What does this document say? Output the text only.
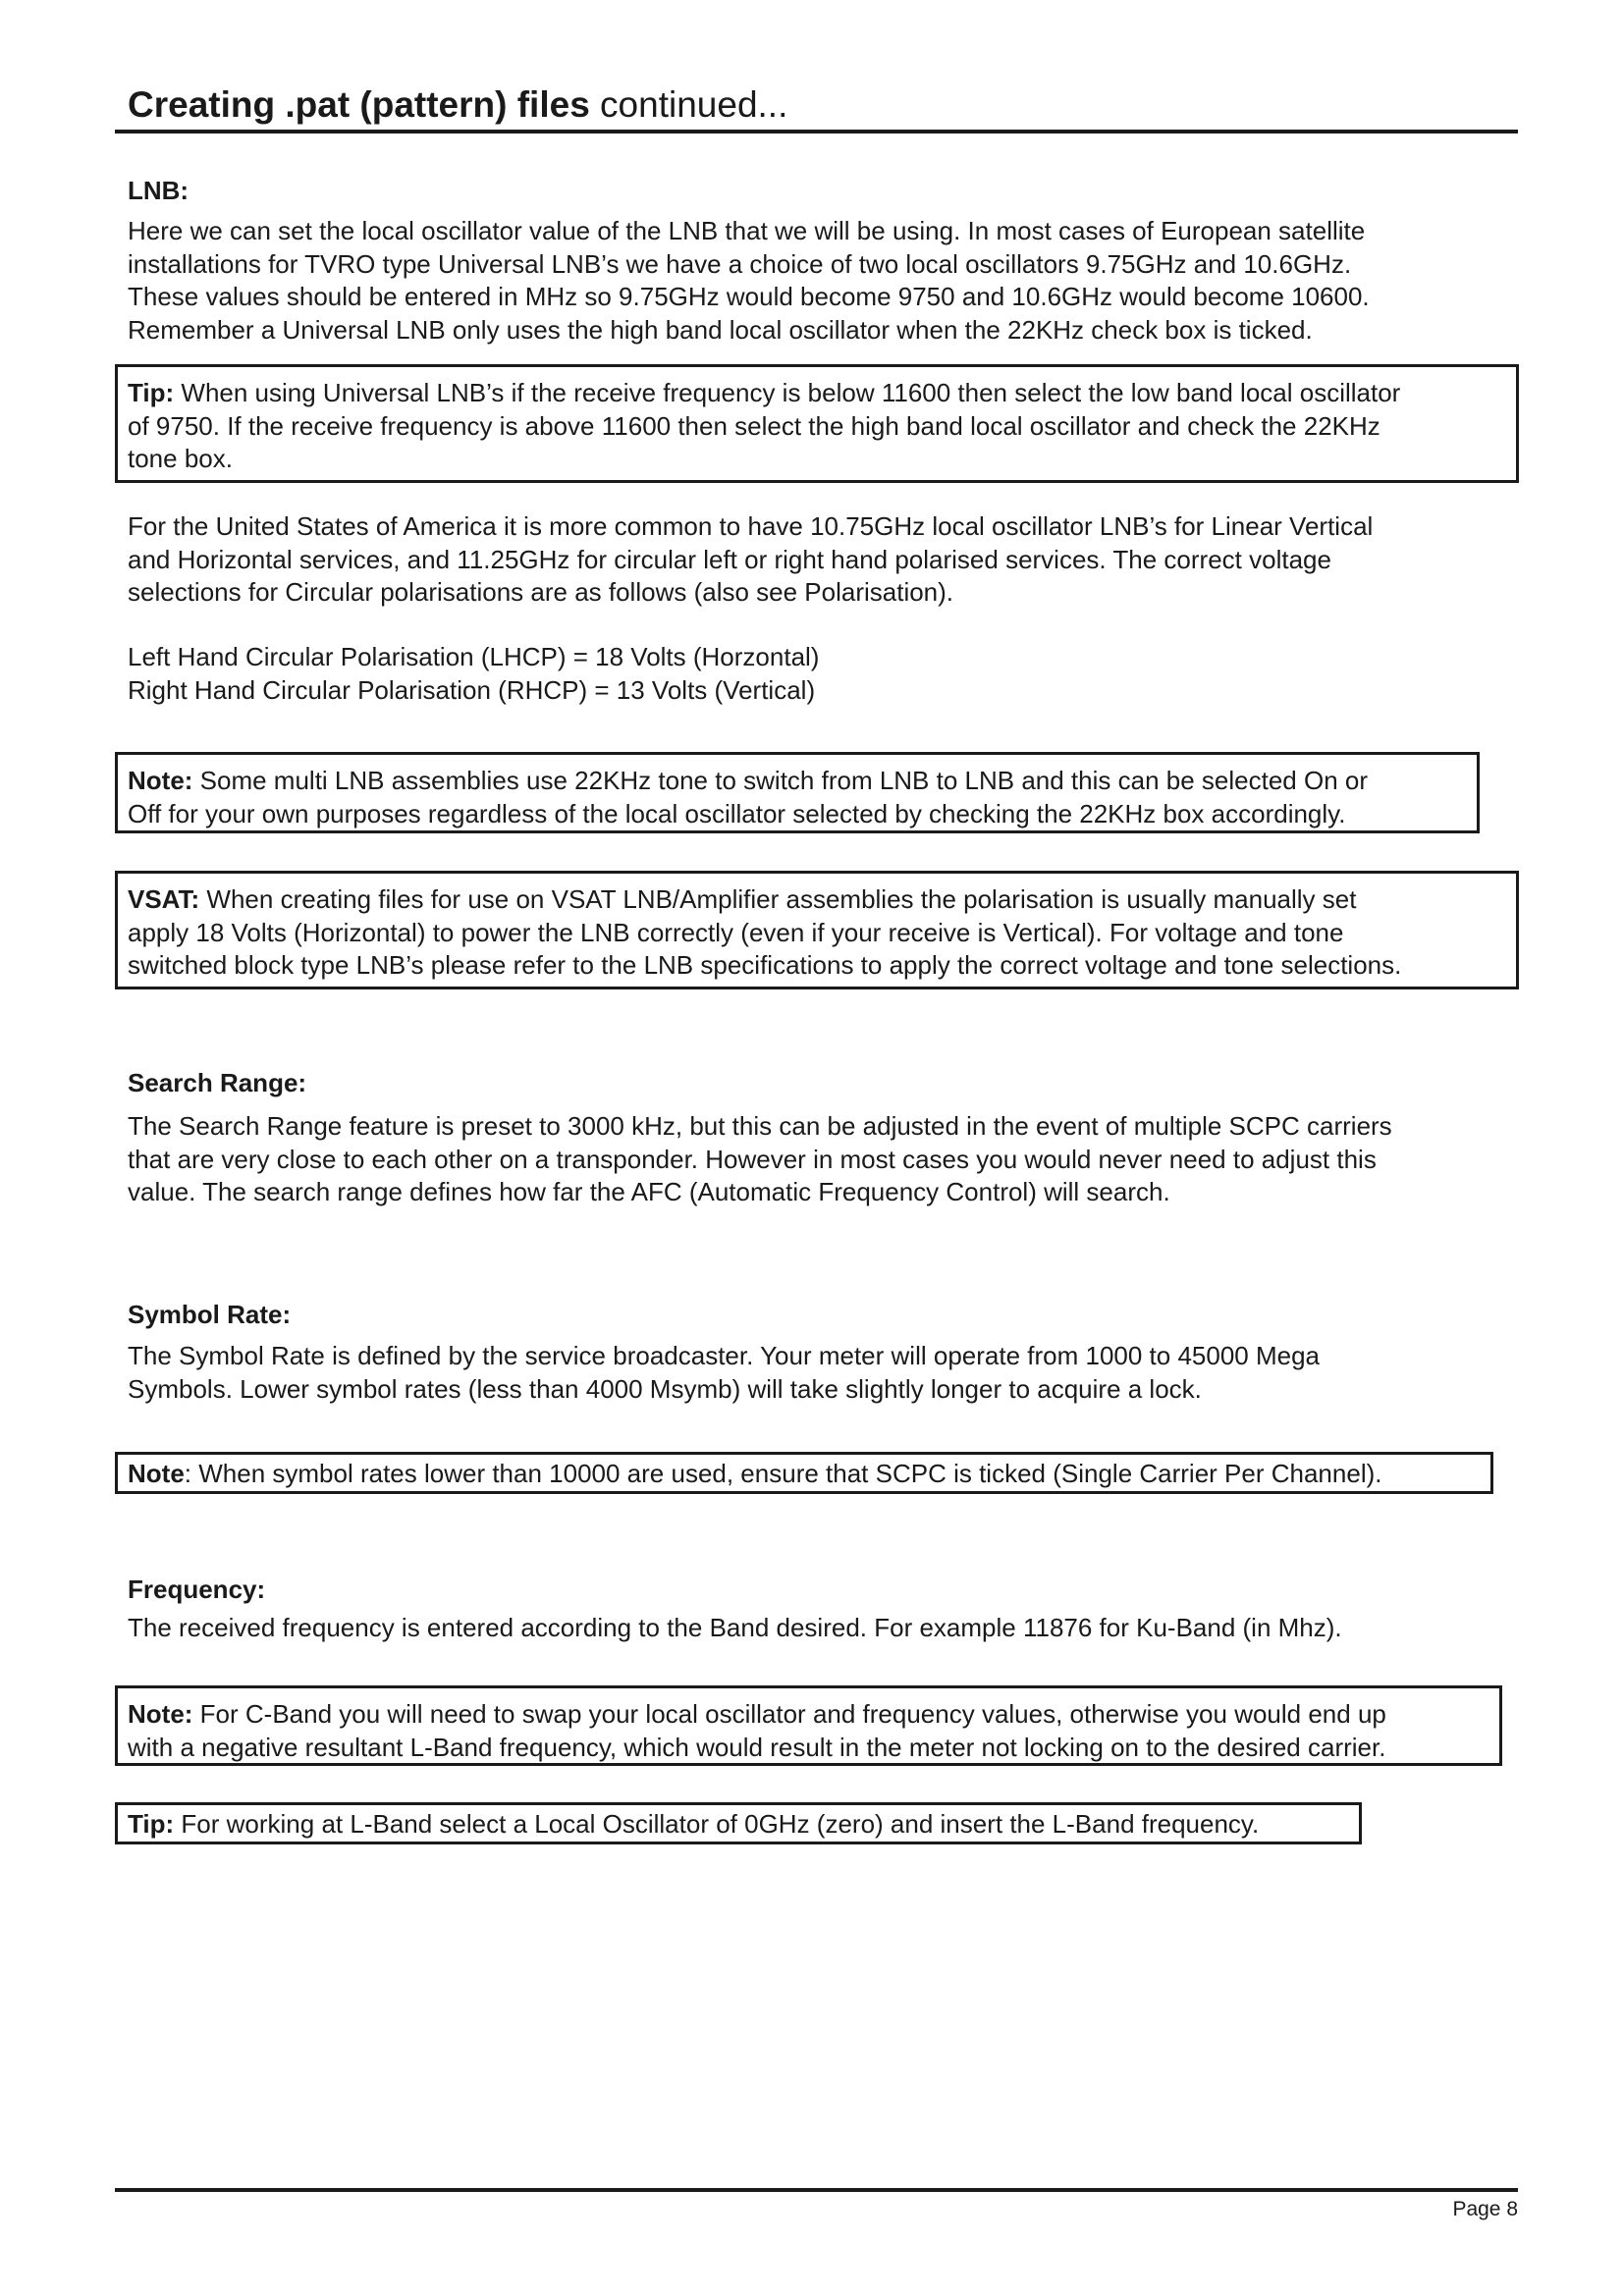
Creating .pat (pattern) files continued...
LNB:
Here we can set the local oscillator value of the LNB that we will be using. In most cases of European satellite
installations for TVRO type Universal LNB’s we have a choice of two local oscillators 9.75GHz and 10.6GHz.
These values should be entered in MHz so 9.75GHz would become 9750 and 10.6GHz would become 10600.
Remember a Universal LNB only uses the high band local oscillator when the 22KHz check box is ticked.
Tip: When using Universal LNB’s if the receive frequency is below 11600 then select the low band local oscillator
of 9750. If the receive frequency is above 11600 then select the high band local oscillator and check the 22KHz
tone box.
For the United States of America it is more common to have 10.75GHz local oscillator LNB’s for Linear Vertical
and Horizontal services, and 11.25GHz for circular left or right hand polarised services. The correct voltage
selections for Circular polarisations are as follows (also see Polarisation).
Left Hand Circular Polarisation (LHCP) = 18 Volts (Horzontal)
Right Hand Circular Polarisation (RHCP) = 13 Volts (Vertical)
Note: Some multi LNB assemblies use 22KHz tone to switch from LNB to LNB and this can be selected On or
Off for your own purposes regardless of the local oscillator selected by checking the 22KHz box accordingly.
VSAT: When creating files for use on VSAT LNB/Amplifier assemblies the polarisation is usually manually set
apply 18 Volts (Horizontal) to power the LNB correctly (even if your receive is Vertical). For voltage and tone
switched block type LNB’s please refer to the LNB specifications to apply the correct voltage and tone selections.
Search Range:
The Search Range feature is preset to 3000 kHz, but this can be adjusted in the event of multiple SCPC carriers
that are very close to each other on a transponder. However in most cases you would never need to adjust this
value. The search range defines how far the AFC (Automatic Frequency Control) will search.
Symbol Rate:
The Symbol Rate is defined by the service broadcaster. Your meter will operate from 1000 to 45000 Mega
Symbols. Lower symbol rates (less than 4000 Msymb) will take slightly longer to acquire a lock.
Note: When symbol rates lower than 10000 are used, ensure that SCPC is ticked (Single Carrier Per Channel).
Frequency:
The received frequency is entered according to the Band desired. For example 11876 for Ku-Band (in Mhz).
Note: For C-Band you will need to swap your local oscillator and frequency values, otherwise you would end up
with a negative resultant L-Band frequency, which would result in the meter not locking on to the desired carrier.
Tip: For working at L-Band select a Local Oscillator of 0GHz (zero) and insert the L-Band frequency.
Page 8
